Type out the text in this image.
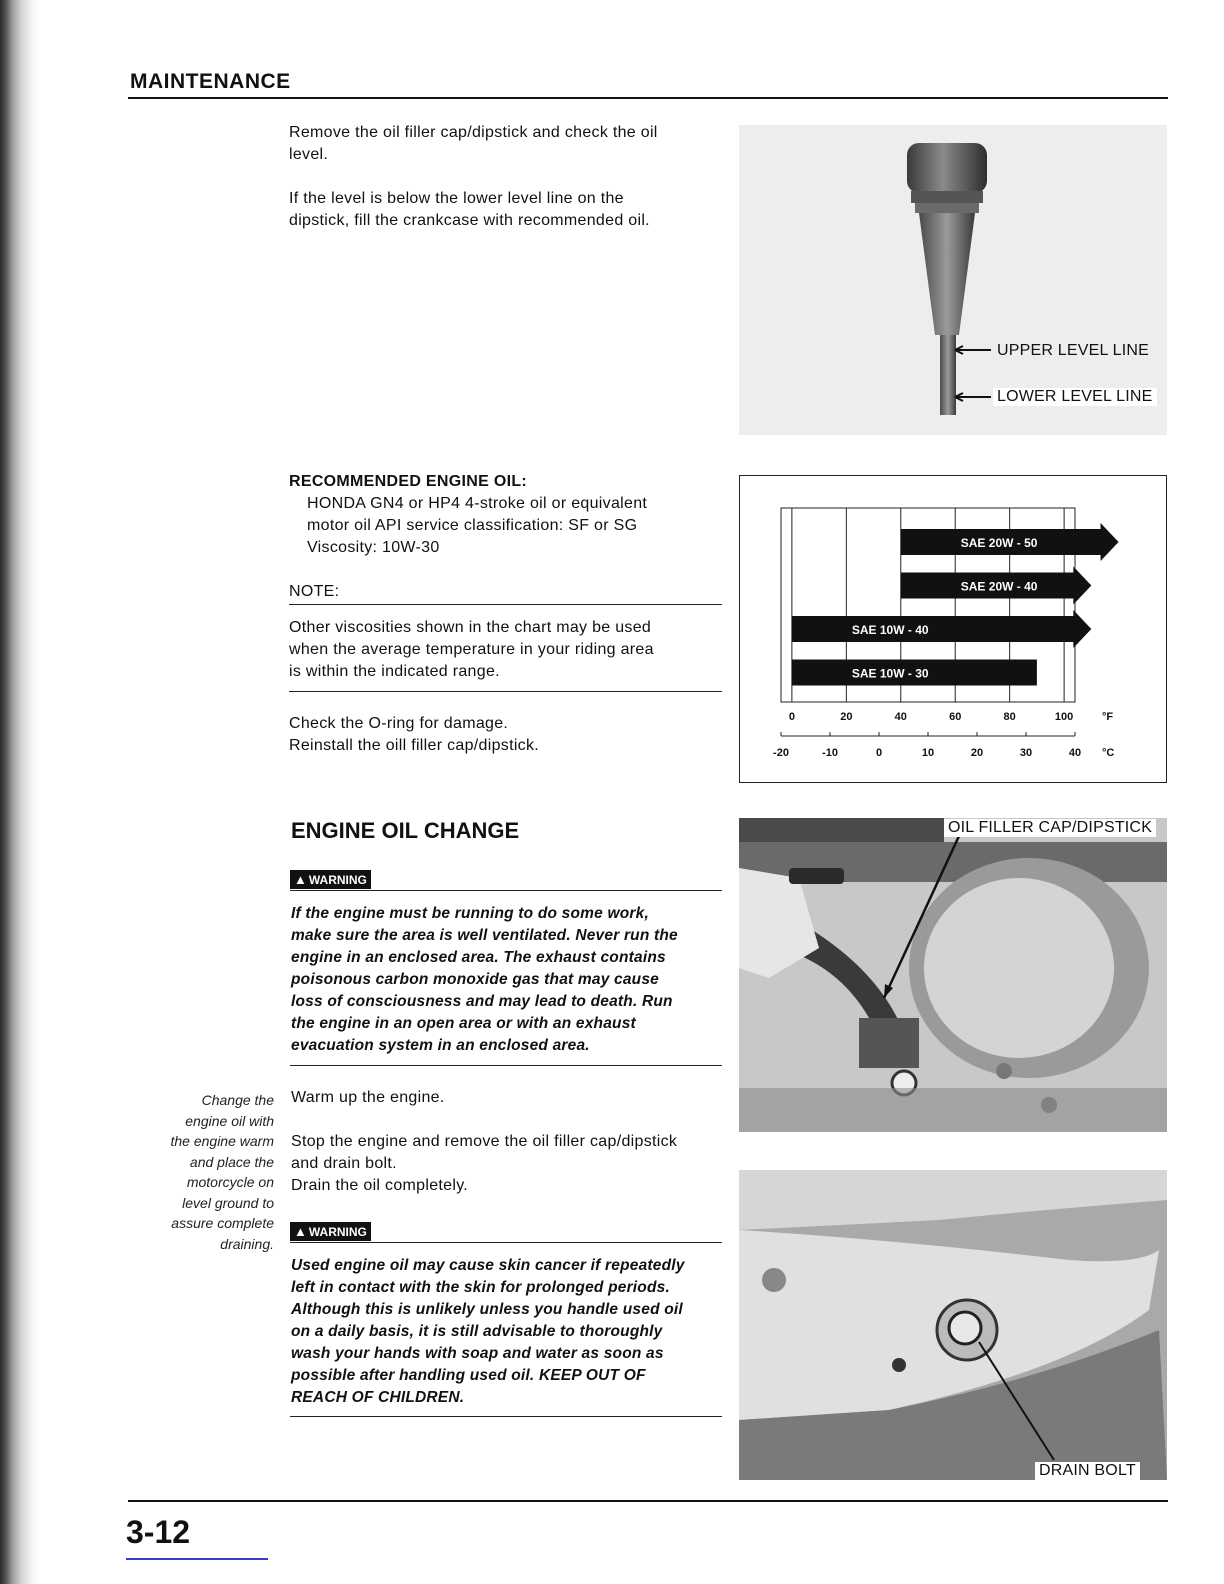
MAINTENANCE
Remove the oil filler cap/dipstick and check the oil
level.
If the level is below the lower level line on the
dipstick, fill the crankcase with recommended oil.
UPPER LEVEL LINE
LOWER LEVEL LINE
RECOMMENDED ENGINE OIL:
HONDA GN4 or HP4 4-stroke oil or equivalent
motor oil API service classification: SF or SG
Viscosity: 10W-30
NOTE:
Other viscosities shown in the chart may be used
when the average temperature in your riding area
is within the indicated range.
Check the O-ring for damage.
Reinstall the oill filler cap/dipstick.
SAE 20W - 50
SAE 20W - 40
SAE 10W - 40
SAE 10W - 30
0	20	40	60	80	100	°F
-20	-10	0	10	20	30	40 °C
ENGINE OIL CHANGE
▲ WARNING
If the engine must be running to do some work,
make sure the area is well ventilated. Never run the
engine in an enclosed area. The exhaust contains
poisonous carbon monoxide gas that may cause
loss of consciousness and may lead to death. Run
the engine in an open area or with an exhaust
evacuation system in an enclosed area.
Change the
engine oil with
the engine warm
and place the
motorcycle on
level ground to
assure complete
draining.
Warm up the engine.
Stop the engine and remove the oil filler cap/dipstick
and drain bolt.
Drain the oil completely.
▲ WARNING
Used engine oil may cause skin cancer if repeatedly
left in contact with the skin for prolonged periods.
Although this is unlikely unless you handle used oil
on a daily basis, it is still advisable to thoroughly
wash your hands with soap and water as soon as
possible after handling used oil. KEEP OUT OF
REACH OF CHILDREN.
OIL FILLER CAP/DIPSTICK
DRAIN BOLT
3-12
